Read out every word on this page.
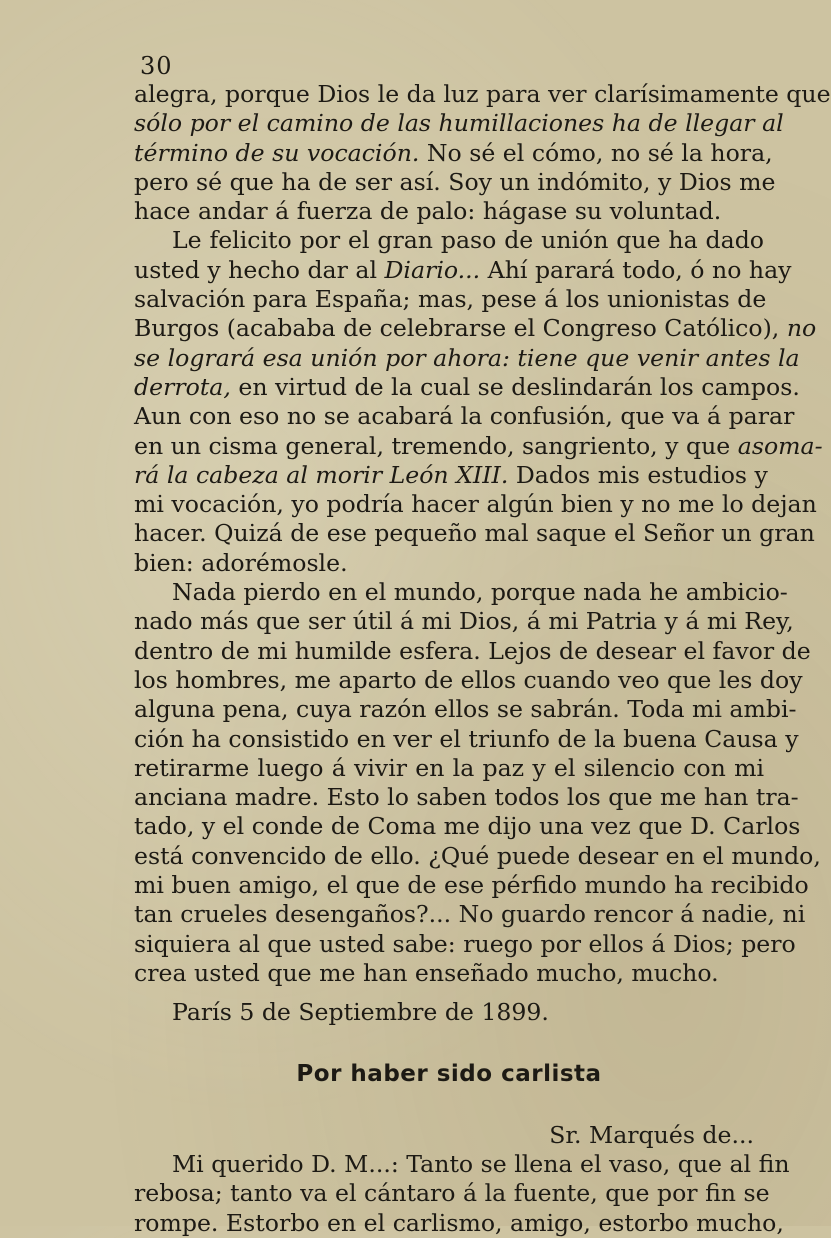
30
alegra, porque Dios le da luz para ver clarísimamente que
sólo por el camino de las humillaciones ha de llegar al
término de su vocación. No sé el cómo, no sé la hora,
pero sé que ha de ser así. Soy un indómito, y Dios me
hace andar á fuerza de palo: hágase su voluntad.
Le felicito por el gran paso de unión que ha dado
usted y hecho dar al Diario... Ahí parará todo, ó no hay
salvación para España; mas, pese á los unionistas de
Burgos (acababa de celebrarse el Congreso Católico), no
se logrará esa unión por ahora: tiene que venir antes la
derrota, en virtud de la cual se deslindarán los campos.
Aun con eso no se acabará la confusión, que va á parar
en un cisma general, tremendo, sangriento, y que asoma-
rá la cabeza al morir León XIII. Dados mis estudios y
mi vocación, yo podría hacer algún bien y no me lo dejan
hacer. Quizá de ese pequeño mal saque el Señor un gran
bien: adorémosle.
Nada pierdo en el mundo, porque nada he ambicio-
nado más que ser útil á mi Dios, á mi Patria y á mi Rey,
dentro de mi humilde esfera. Lejos de desear el favor de
los hombres, me aparto de ellos cuando veo que les doy
alguna pena, cuya razón ellos se sabrán. Toda mi ambi-
ción ha consistido en ver el triunfo de la buena Causa y
retirarme luego á vivir en la paz y el silencio con mi
anciana madre. Esto lo saben todos los que me han tra-
tado, y el conde de Coma me dijo una vez que D. Carlos
está convencido de ello. ¿Qué puede desear en el mundo,
mi buen amigo, el que de ese pérfido mundo ha recibido
tan crueles desengaños?... No guardo rencor á nadie, ni
siquiera al que usted sabe: ruego por ellos á Dios; pero
crea usted que me han enseñado mucho, mucho.
París 5 de Septiembre de 1899.
Por haber sido carlista
Sr. Marqués de...
Mi querido D. M...: Tanto se llena el vaso, que al fin
rebosa; tanto va el cántaro á la fuente, que por fin se
rompe. Estorbo en el carlismo, amigo, estorbo mucho,
